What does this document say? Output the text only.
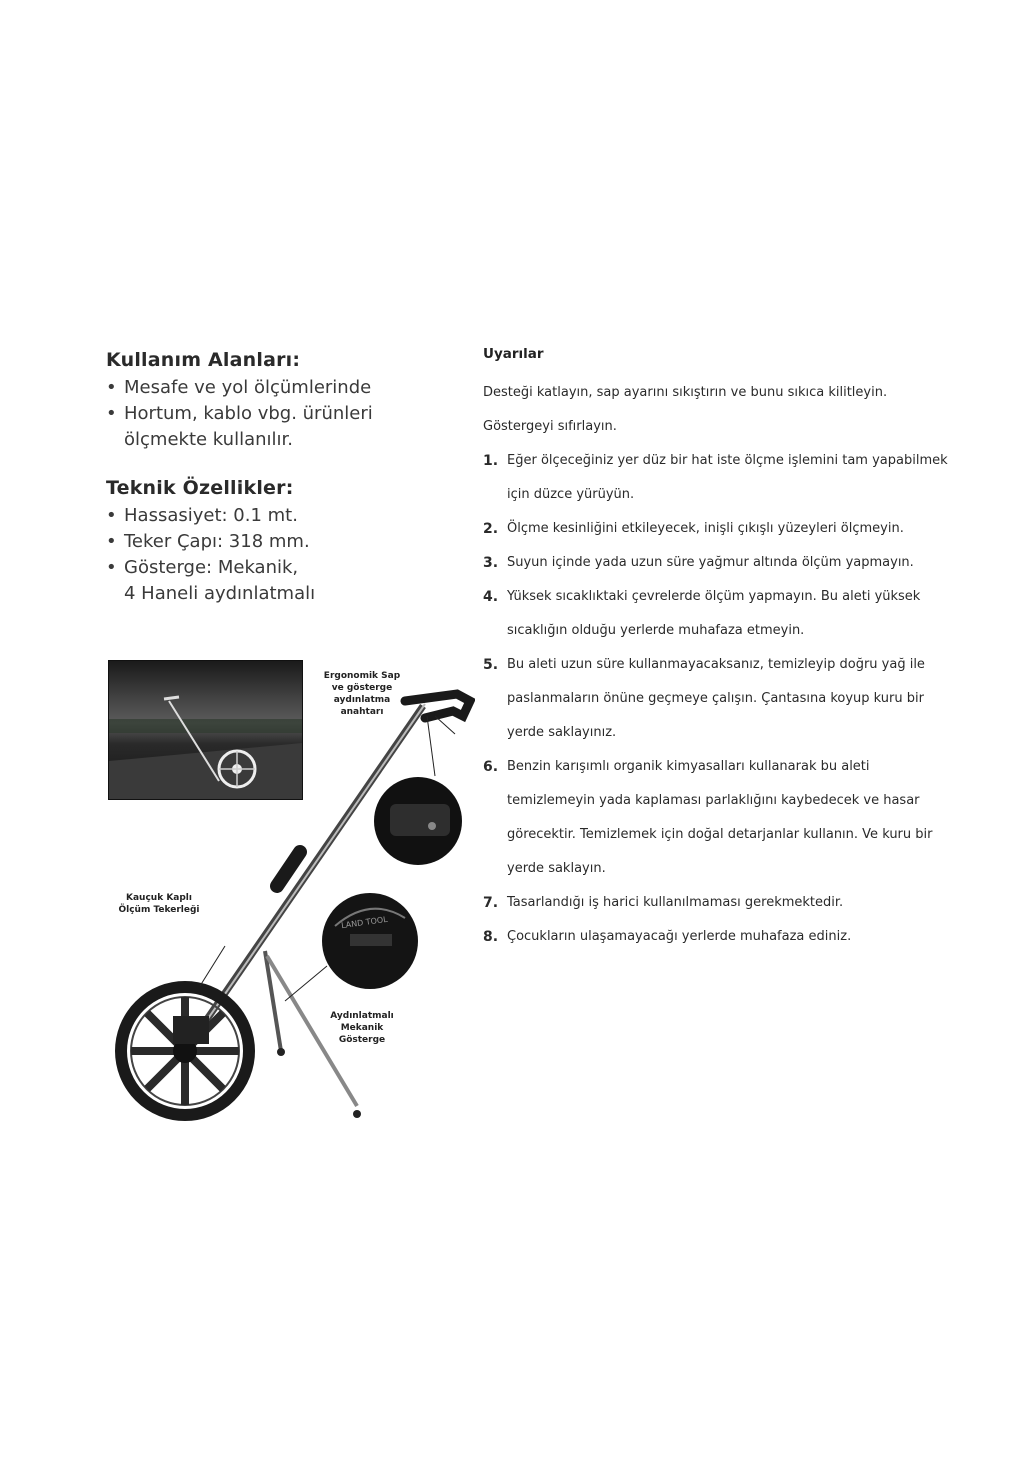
Kullanım Alanları:
• Mesafe ve yol ölçümlerinde
• Hortum, kablo vbg. ürünleri
ölçmekte kullanılır.
Teknik Özellikler:
• Hassasiyet: 0.1 mt.
• Teker Çapı: 318 mm.
• Gösterge: Mekanik,
4 Haneli aydınlatmalı
Ergonomik Sap ve gösterge aydınlatma anahtarı
Kauçuk Kaplı Ölçüm Tekerleği
Aydınlatmalı Mekanik Gösterge
LAND TOOL
Uyarılar

Desteği katlayın, sap ayarını sıkıştırın ve bunu sıkıca kilitleyin. Göstergeyi sıfırlayın.

1. Eğer ölçeceğiniz yer düz bir hat iste ölçme işlemini tam yapabilmek için düzce yürüyün.
2. Ölçme kesinliğini etkileyecek, inişli çıkışlı yüzeyleri ölçmeyin.
3. Suyun içinde yada uzun süre yağmur altında ölçüm yapmayın.
4. Yüksek sıcaklıktaki çevrelerde ölçüm yapmayın. Bu aleti yüksek sıcaklığın olduğu yerlerde muhafaza etmeyin.
5. Bu aleti uzun süre kullanmayacaksanız, temizleyip doğru yağ ile paslanmaların önüne geçmeye çalışın. Çantasına koyup kuru bir yerde saklayınız.
6. Benzin karışımlı organik kimyasalları kullanarak bu aleti temizlemeyin yada kaplaması parlaklığını kaybedecek ve hasar görecektir. Temizlemek için doğal detarjanlar kullanın. Ve kuru bir yerde saklayın.
7. Tasarlandığı iş harici kullanılmaması gerekmektedir.
8. Çocukların ulaşamayacağı yerlerde muhafaza ediniz.
